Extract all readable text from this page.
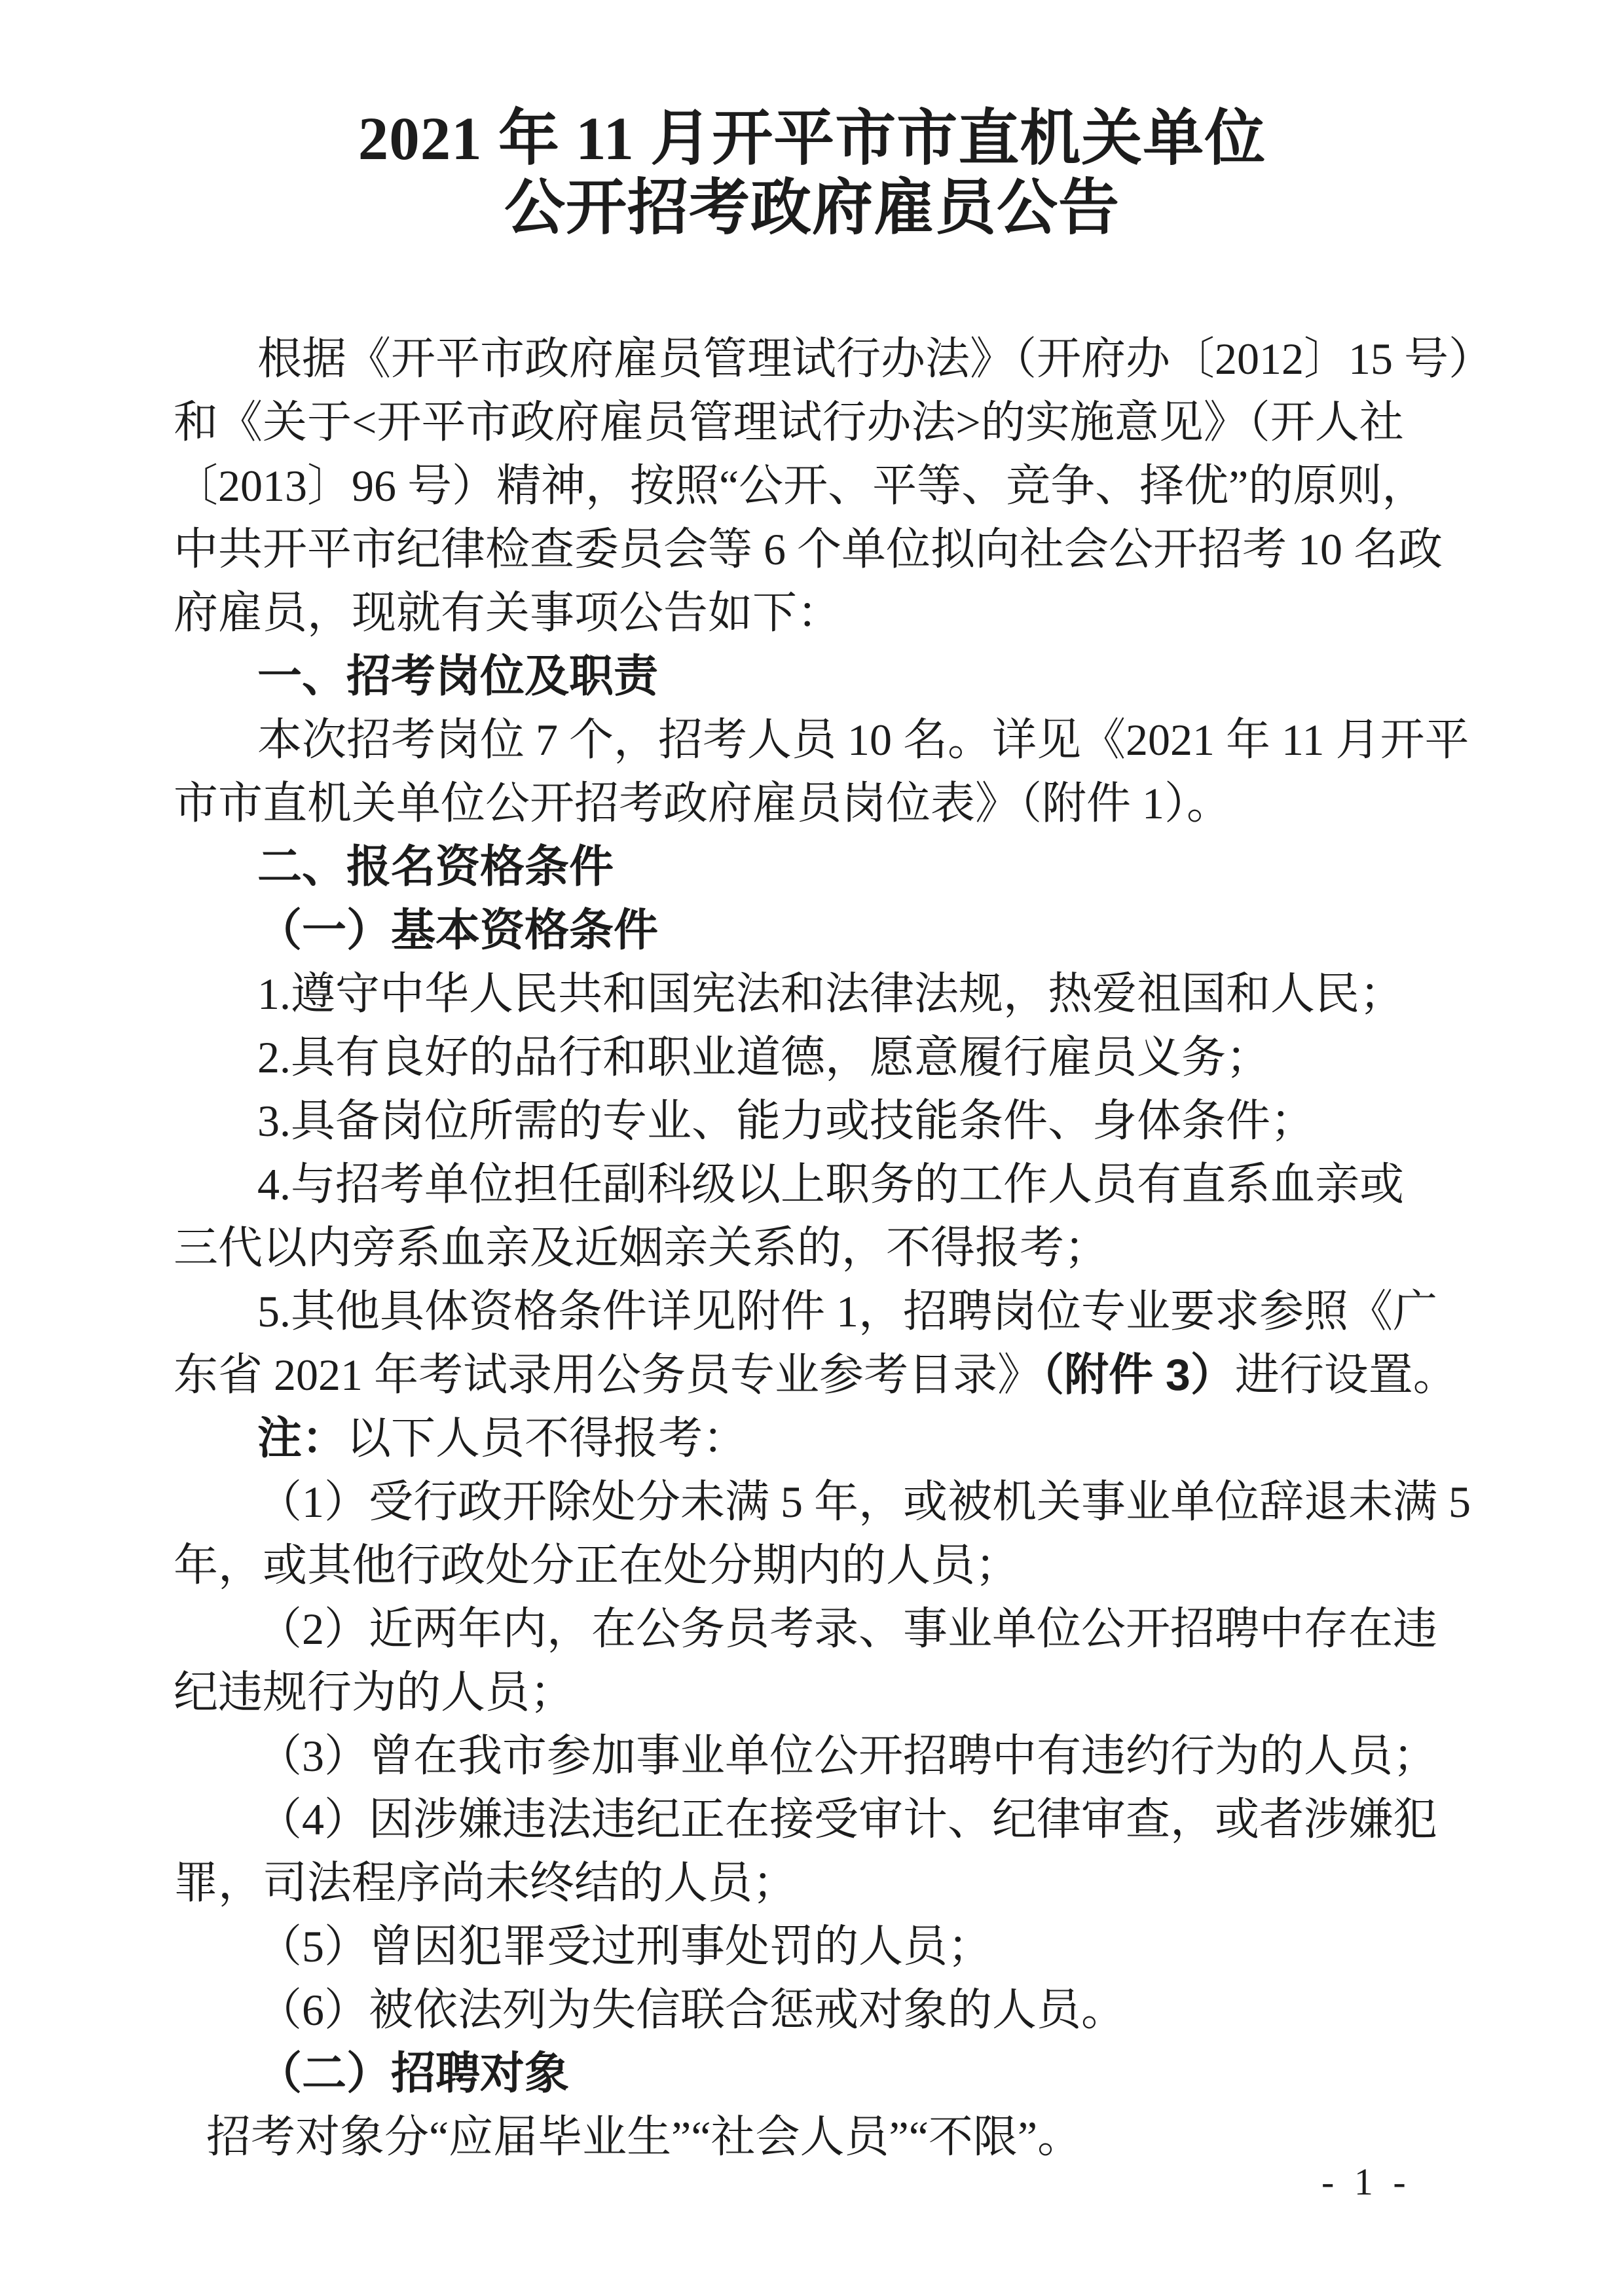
2021 年 11 月开平市市直机关单位
公开招考政府雇员公告
根据《开平市政府雇员管理试行办法》（开府办〔2012〕15 号）
和《关于<开平市政府雇员管理试行办法>的实施意见》（开人社
〔2013〕96 号）精神，按照“公开、平等、竞争、择优”的原则，
中共开平市纪律检查委员会等 6 个单位拟向社会公开招考 10 名政
府雇员，现就有关事项公告如下：
一、招考岗位及职责
本次招考岗位 7 个，招考人员 10 名。详见《2021 年 11 月开平
市市直机关单位公开招考政府雇员岗位表》（附件 1）。
二、报名资格条件
（一）基本资格条件
1.遵守中华人民共和国宪法和法律法规，热爱祖国和人民；
2.具有良好的品行和职业道德，愿意履行雇员义务；
3.具备岗位所需的专业、能力或技能条件、身体条件；
4.与招考单位担任副科级以上职务的工作人员有直系血亲或
三代以内旁系血亲及近姻亲关系的，不得报考；
5.其他具体资格条件详见附件 1，招聘岗位专业要求参照《广
东省 2021 年考试录用公务员专业参考目录》（附件 3）进行设置。
注：以下人员不得报考：
（1）受行政开除处分未满 5 年，或被机关事业单位辞退未满 5
年，或其他行政处分正在处分期内的人员；
（2）近两年内，在公务员考录、事业单位公开招聘中存在违
纪违规行为的人员；
（3）曾在我市参加事业单位公开招聘中有违约行为的人员；
（4）因涉嫌违法违纪正在接受审计、纪律审查，或者涉嫌犯
罪，司法程序尚未终结的人员；
（5）曾因犯罪受过刑事处罚的人员；
（6）被依法列为失信联合惩戒对象的人员。
（二）招聘对象
招考对象分“应届毕业生”“社会人员”“不限”。
- 1 -
